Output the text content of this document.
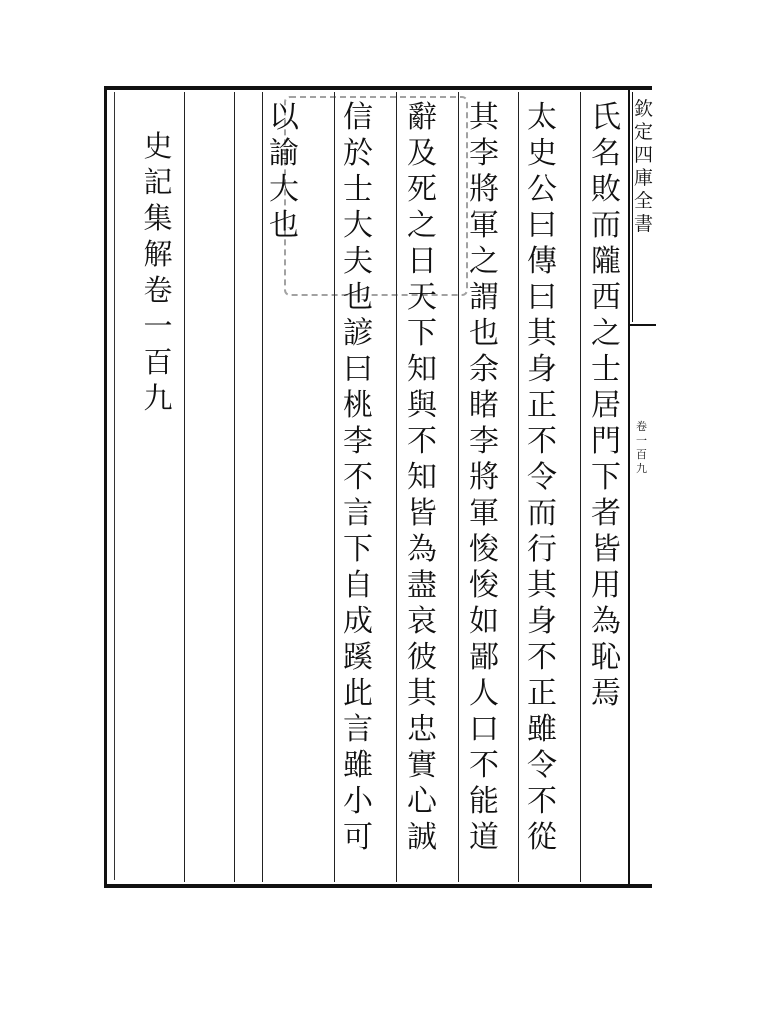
欽定四庫全書
卷一百九
氏名敗而隴西之士居門下者皆用為恥焉
太史公曰傳曰其身正不令而行其身不正雖令不從
其李將軍之謂也余睹李將軍悛悛如鄙人口不能道
辭及死之日天下知與不知皆為盡哀彼其忠實心誠
信於士大夫也諺曰桃李不言下自成蹊此言雖小可
以諭大也
史記集解卷一百九
